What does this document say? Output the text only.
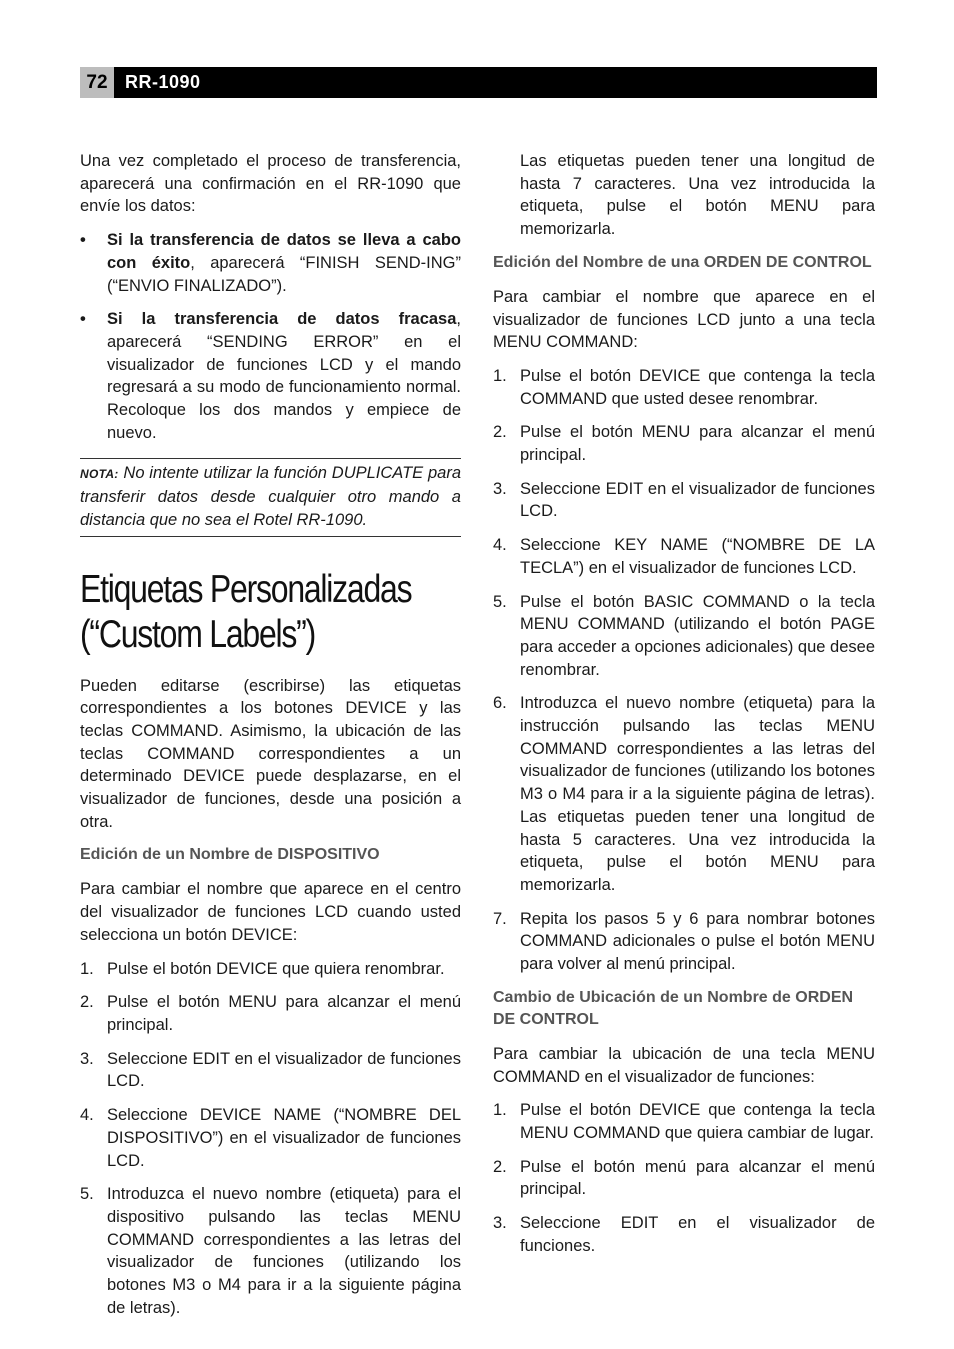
72 RR-1090

Una vez completado el proceso de transferencia, aparecerá una confirmación en el RR-1090 que envíe los datos:

• Si la transferencia de datos se lleva a cabo con éxito, aparecerá “FINISH SEND-ING” (“ENVIO FINALIZADO”).
• Si la transferencia de datos fracasa, aparecerá “SENDING ERROR” en el visualizador de funciones LCD y el mando regresará a su modo de funcionamiento normal. Recoloque los dos mandos y empiece de nuevo.
NOTA: No intente utilizar la función DUPLICATE para transferir datos desde cualquier otro mando a distancia que no sea el Rotel RR-1090.
Etiquetas Personalizadas
(“Custom Labels”)

Pueden editarse (escribirse) las etiquetas correspondientes a los botones DEVICE y las teclas COMMAND. Asimismo, la ubicación de las teclas COMMAND correspondientes a un determinado DEVICE puede desplazarse, en el visualizador de funciones, desde una posición a otra.

Edición de un Nombre de DISPOSITIVO

Para cambiar el nombre que aparece en el centro del visualizador de funciones LCD cuando usted selecciona un botón DEVICE:

1. Pulse el botón DEVICE que quiera renombrar.
2. Pulse el botón MENU para alcanzar el menú principal.
3. Seleccione EDIT en el visualizador de funciones LCD.
4. Seleccione DEVICE NAME (“NOMBRE DEL DISPOSITIVO”) en el visualizador de funciones LCD.
5. Introduzca el nuevo nombre (etiqueta) para el dispositivo pulsando las teclas MENU COMMAND correspondientes a las letras del visualizador de funciones (utilizando los botones M3 o M4 para ir a la siguiente página de letras).

Las etiquetas pueden tener una longitud de hasta 7 caracteres. Una vez introducida la etiqueta, pulse el botón MENU para memorizarla.

Edición del Nombre de una ORDEN DE CONTROL

Para cambiar el nombre que aparece en el visualizador de funciones LCD junto a una tecla MENU COMMAND:

1. Pulse el botón DEVICE que contenga la tecla COMMAND que usted desee renombrar.
2. Pulse el botón MENU para alcanzar el menú principal.
3. Seleccione EDIT en el visualizador de funciones LCD.
4. Seleccione KEY NAME (“NOMBRE DE LA TECLA”) en el visualizador de funciones LCD.
5. Pulse el botón BASIC COMMAND o la tecla MENU COMMAND (utilizando el botón PAGE para acceder a opciones adicionales) que desee renombrar.
6. Introduzca el nuevo nombre (etiqueta) para la instrucción pulsando las teclas MENU COMMAND correspondientes a las letras del visualizador de funciones (utilizando los botones M3 o M4 para ir a la siguiente página de letras). Las etiquetas pueden tener una longitud de hasta 5 caracteres. Una vez introducida la etiqueta, pulse el botón MENU para memorizarla.
7. Repita los pasos 5 y 6 para nombrar botones COMMAND adicionales o pulse el botón MENU para volver al menú principal.
Cambio de Ubicación de un Nombre de ORDEN DE CONTROL

Para cambiar la ubicación de una tecla MENU COMMAND en el visualizador de funciones:

1. Pulse el botón DEVICE que contenga la tecla MENU COMMAND que quiera cambiar de lugar.
2. Pulse el botón menú para alcanzar el menú principal.
3. Seleccione EDIT en el visualizador de funciones.
